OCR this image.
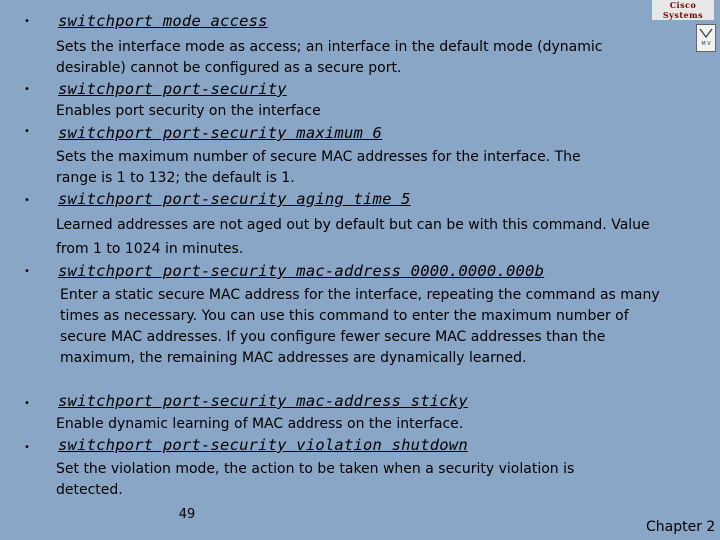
Cisco Systems
M V
• switchport mode access
Sets the interface mode as access; an interface in the default mode (dynamic desirable) cannot be configured as a secure port.
• switchport port-security
Enables port security on the interface
• switchport port-security maximum 6
Sets the maximum number of secure MAC addresses for the interface. The range is 1 to 132; the default is 1.
• switchport port-security aging time 5
Learned addresses are not aged out by default but can be with this command. Value from 1 to 1024 in minutes.
• switchport port-security mac-address 0000.0000.000b
Enter a static secure MAC address for the interface, repeating the command as many times as necessary. You can use this command to enter the maximum number of secure MAC addresses. If you configure fewer secure MAC addresses than the maximum, the remaining MAC addresses are dynamically learned.
• switchport port-security mac-address sticky
Enable dynamic learning of MAC address on the interface.
• switchport port-security violation shutdown
Set the violation mode, the action to be taken when a security violation is detected.
49
Chapter 2
